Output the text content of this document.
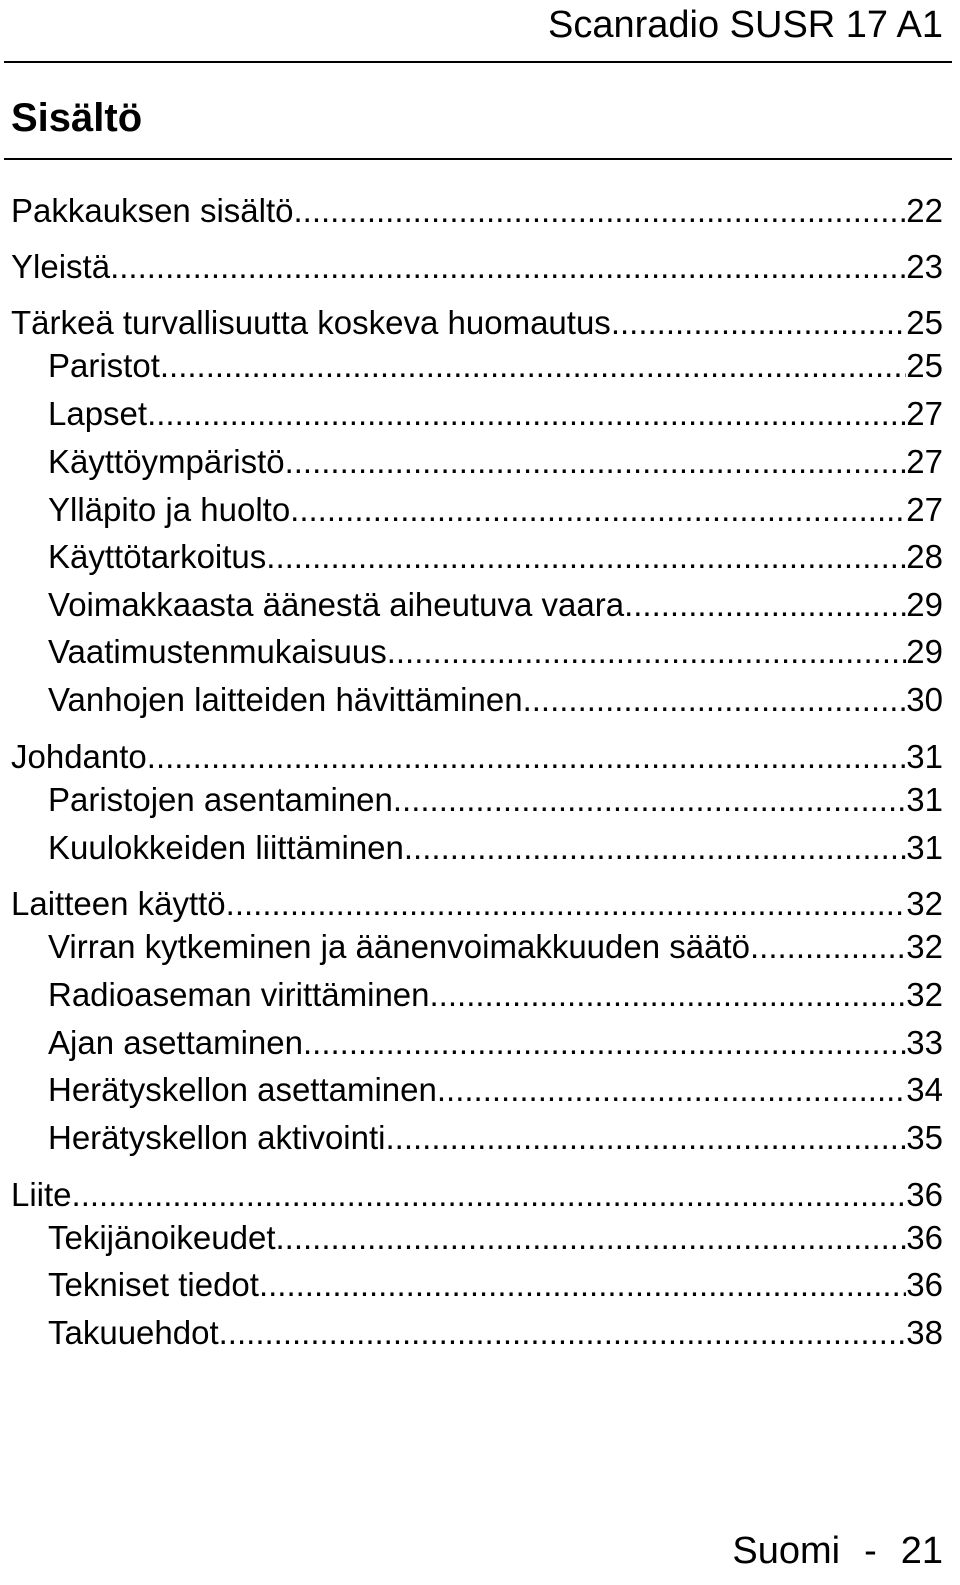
Scanradio SUSR 17 A1
Sisältö
Pakkauksen sisältö .....	22
Yleistä .....	23
Tärkeä turvallisuutta koskeva huomautus .....	25
Paristot .....	25
Lapset .....	27
Käyttöympäristö .....	27
Ylläpito ja huolto .....	27
Käyttötarkoitus .....	28
Voimakkaasta äänestä aiheutuva vaara .....	29
Vaatimustenmukaisuus .....	29
Vanhojen laitteiden hävittäminen .....	30
Johdanto .....	31
Paristojen asentaminen .....	31
Kuulokkeiden liittäminen .....	31
Laitteen käyttö .....	32
Virran kytkeminen ja äänenvoimakkuuden säätö .....	32
Radioaseman virittäminen .....	32
Ajan asettaminen .....	33
Herätyskellon asettaminen .....	34
Herätyskellon aktivointi .....	35
Liite .....	36
Tekijänoikeudet .....	36
Tekniset tiedot .....	36
Takuuehdot .....	38
Suomi - 21
